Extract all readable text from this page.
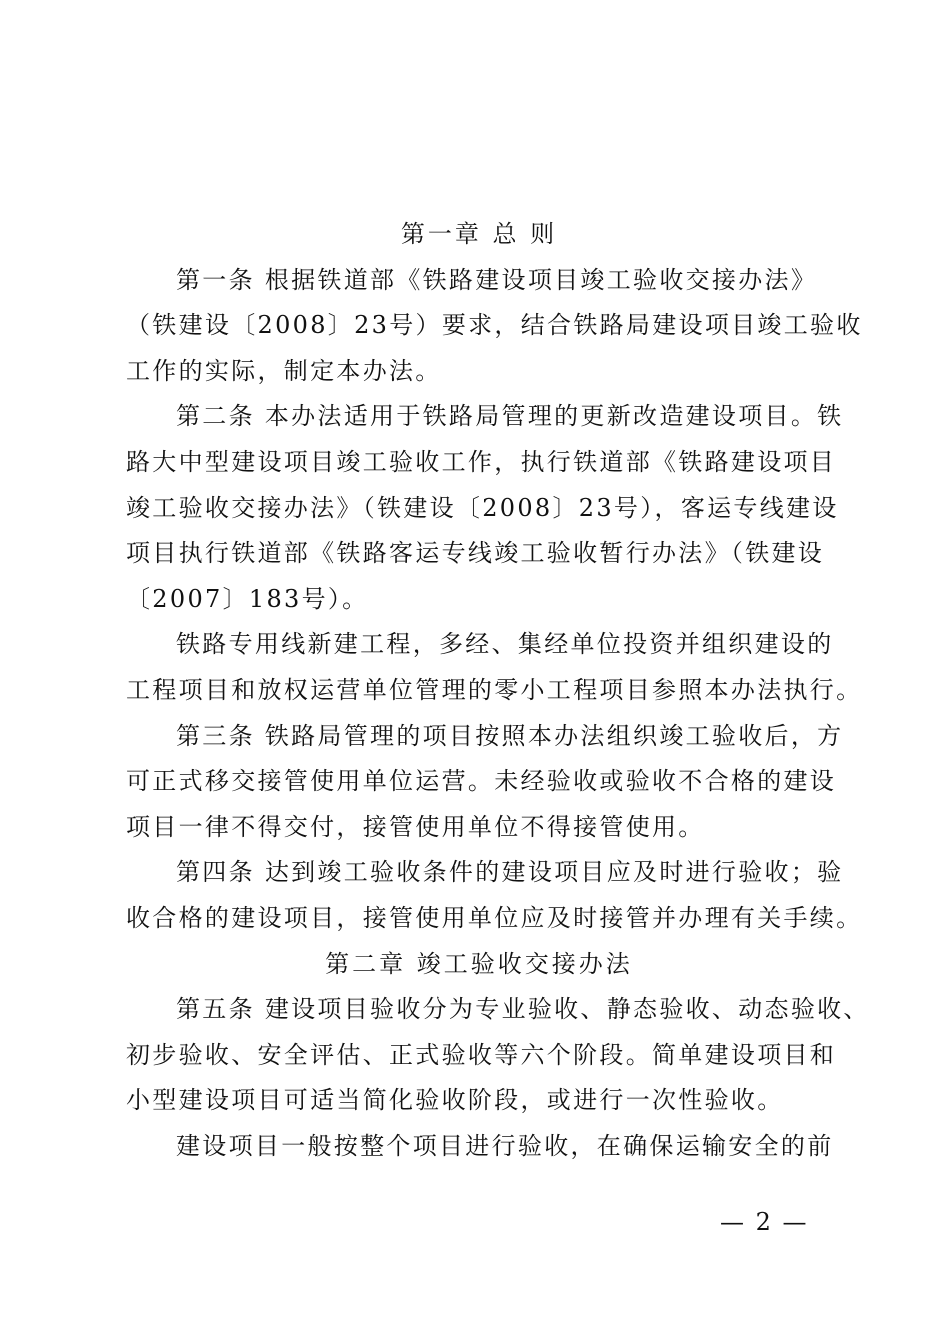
第一章 总 则
第一条 根据铁道部《铁路建设项目竣工验收交接办法》
（铁建设〔2008〕23号）要求，结合铁路局建设项目竣工验收
工作的实际，制定本办法。
第二条 本办法适用于铁路局管理的更新改造建设项目。铁
路大中型建设项目竣工验收工作，执行铁道部《铁路建设项目
竣工验收交接办法》（铁建设〔2008〕23号），客运专线建设
项目执行铁道部《铁路客运专线竣工验收暂行办法》（铁建设
〔2007〕183号）。
铁路专用线新建工程，多经、集经单位投资并组织建设的
工程项目和放权运营单位管理的零小工程项目参照本办法执行。
第三条 铁路局管理的项目按照本办法组织竣工验收后，方
可正式移交接管使用单位运营。未经验收或验收不合格的建设
项目一律不得交付，接管使用单位不得接管使用。
第四条 达到竣工验收条件的建设项目应及时进行验收；验
收合格的建设项目，接管使用单位应及时接管并办理有关手续。
第二章 竣工验收交接办法
第五条 建设项目验收分为专业验收、静态验收、动态验收、
初步验收、安全评估、正式验收等六个阶段。简单建设项目和
小型建设项目可适当简化验收阶段，或进行一次性验收。
建设项目一般按整个项目进行验收，在确保运输安全的前
— 2 —
